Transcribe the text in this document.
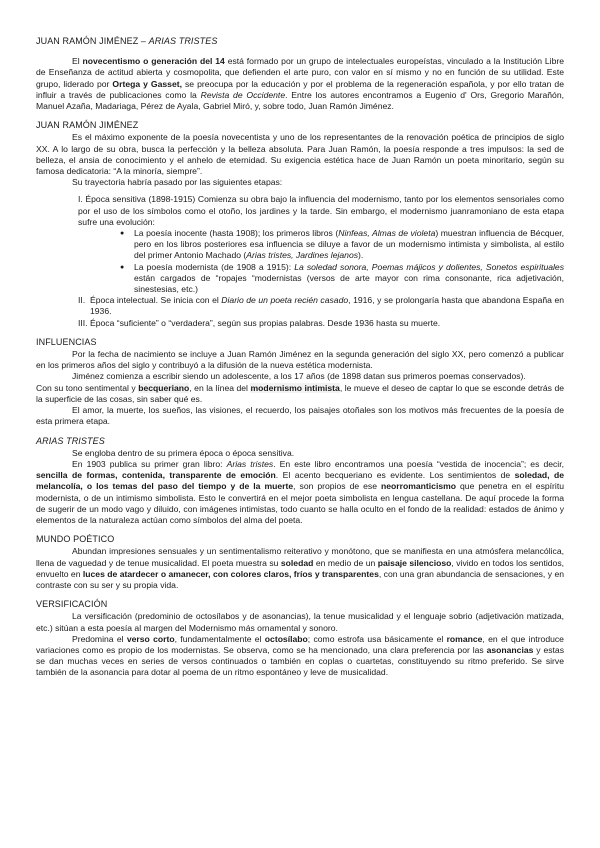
JUAN RAMÓN JIMÉNEZ – ARIAS TRISTES

El novecentismo o generación del 14 está formado por un grupo de intelectuales europeístas, vinculado a la Institución Libre de Enseñanza de actitud abierta y cosmopolita, que defienden el arte puro, con valor en sí mismo y no en función de su utilidad. Este grupo, liderado por Ortega y Gasset, se preocupa por la educación y por el problema de la regeneración española, y por ello tratan de influir a través de publicaciones como la Revista de Occidente. Entre los autores encontramos a Eugenio d' Ors, Gregorio Marañón, Manuel Azaña, Madariaga, Pérez de Ayala, Gabriel Miró, y, sobre todo, Juan Ramón Jiménez.

JUAN RAMÓN JIMÉNEZ

Es el máximo exponente de la poesía novecentista y uno de los representantes de la renovación poética de principios de siglo XX. A lo largo de su obra, busca la perfección y la belleza absoluta. Para Juan Ramón, la poesía responde a tres impulsos: la sed de belleza, el ansia de conocimiento y el anhelo de eternidad. Su exigencia estética hace de Juan Ramón un poeta minoritario, según su famosa dedicatoria: “A la minoría, siempre”.

Su trayectoria habría pasado por las siguientes etapas:

I. Época sensitiva (1898-1915) Comienza su obra bajo la influencia del modernismo, tanto por los elementos sensoriales como por el uso de los símbolos como el otoño, los jardines y la tarde. Sin embargo, el modernismo juanramoniano de esta etapa sufre una evolución:
● La poesía inocente (hasta 1908); los primeros libros (Ninfeas, Almas de violeta) muestran influencia de Bécquer, pero en los libros posteriores esa influencia se diluye a favor de un modernismo intimista y simbolista, al estilo del primer Antonio Machado (Arias tristes, Jardines lejanos).
● La poesía modernista (de 1908 a 1915): La soledad sonora, Poemas májicos y dolientes, Sonetos espirituales están cargados de “ropajes “modernistas (versos de arte mayor con rima consonante, rica adjetivación, sinestesias, etc.)
II. Época intelectual. Se inicia con el Diario de un poeta recién casado, 1916, y se prolongaría hasta que abandona España en 1936.
III. Época “suficiente” o “verdadera”, según sus propias palabras. Desde 1936 hasta su muerte.
INFLUENCIAS

Por la fecha de nacimiento se incluye a Juan Ramón Jiménez en la segunda generación del siglo XX, pero comenzó a publicar en los primeros años del siglo y contribuyó a la difusión de la nueva estética modernista.

Jiménez comienza a escribir siendo un adolescente, a los 17 años (de 1898 datan sus primeros poemas conservados).

Con su tono sentimental y becqueriano, en la línea del modernismo intimista, le mueve el deseo de captar lo que se esconde detrás de la superficie de las cosas, sin saber qué es.

El amor, la muerte, los sueños, las visiones, el recuerdo, los paisajes otoñales son los motivos más frecuentes de la poesía de esta primera etapa.

ARIAS TRISTES

Se engloba dentro de su primera época o época sensitiva.

En 1903 publica su primer gran libro: Arias tristes. En este libro encontramos una poesía “vestida de inocencia”; es decir, sencilla de formas, contenida, transparente de emoción. El acento becqueriano es evidente. Los sentimientos de soledad, de melancolía, o los temas del paso del tiempo y de la muerte, son propios de ese neorromanticismo que penetra en el espíritu modernista, o de un intimismo simbolista. Esto le convertirá en el mejor poeta simbolista en lengua castellana. De aquí procede la forma de sugerir de un modo vago y diluido, con imágenes intimistas, todo cuanto se halla oculto en el fondo de la realidad: estados de ánimo y elementos de la naturaleza actúan como símbolos del alma del poeta.

MUNDO POÉTICO

Abundan impresiones sensuales y un sentimentalismo reiterativo y monótono, que se manifiesta en una atmósfera melancólica, llena de vaguedad y de tenue musicalidad. El poeta muestra su soledad en medio de un paisaje silencioso, vivido en todos los sentidos, envuelto en luces de atardecer o amanecer, con colores claros, fríos y transparentes, con una gran abundancia de sensaciones, y en contraste con su ser y su propia vida.

VERSIFICACIÓN

La versificación (predominio de octosílabos y de asonancias), la tenue musicalidad y el lenguaje sobrio (adjetivación matizada, etc.) sitúan a esta poesía al margen del Modernismo más ornamental y sonoro.

Predomina el verso corto, fundamentalmente el octosílabo; como estrofa usa básicamente el romance, en el que introduce variaciones como es propio de los modernistas. Se observa, como se ha mencionado, una clara preferencia por las asonancias y estas se dan muchas veces en series de versos continuados o también en coplas o cuartetas, constituyendo su ritmo preferido. Se sirve también de la asonancia para dotar al poema de un ritmo espontáneo y leve de musicalidad.
